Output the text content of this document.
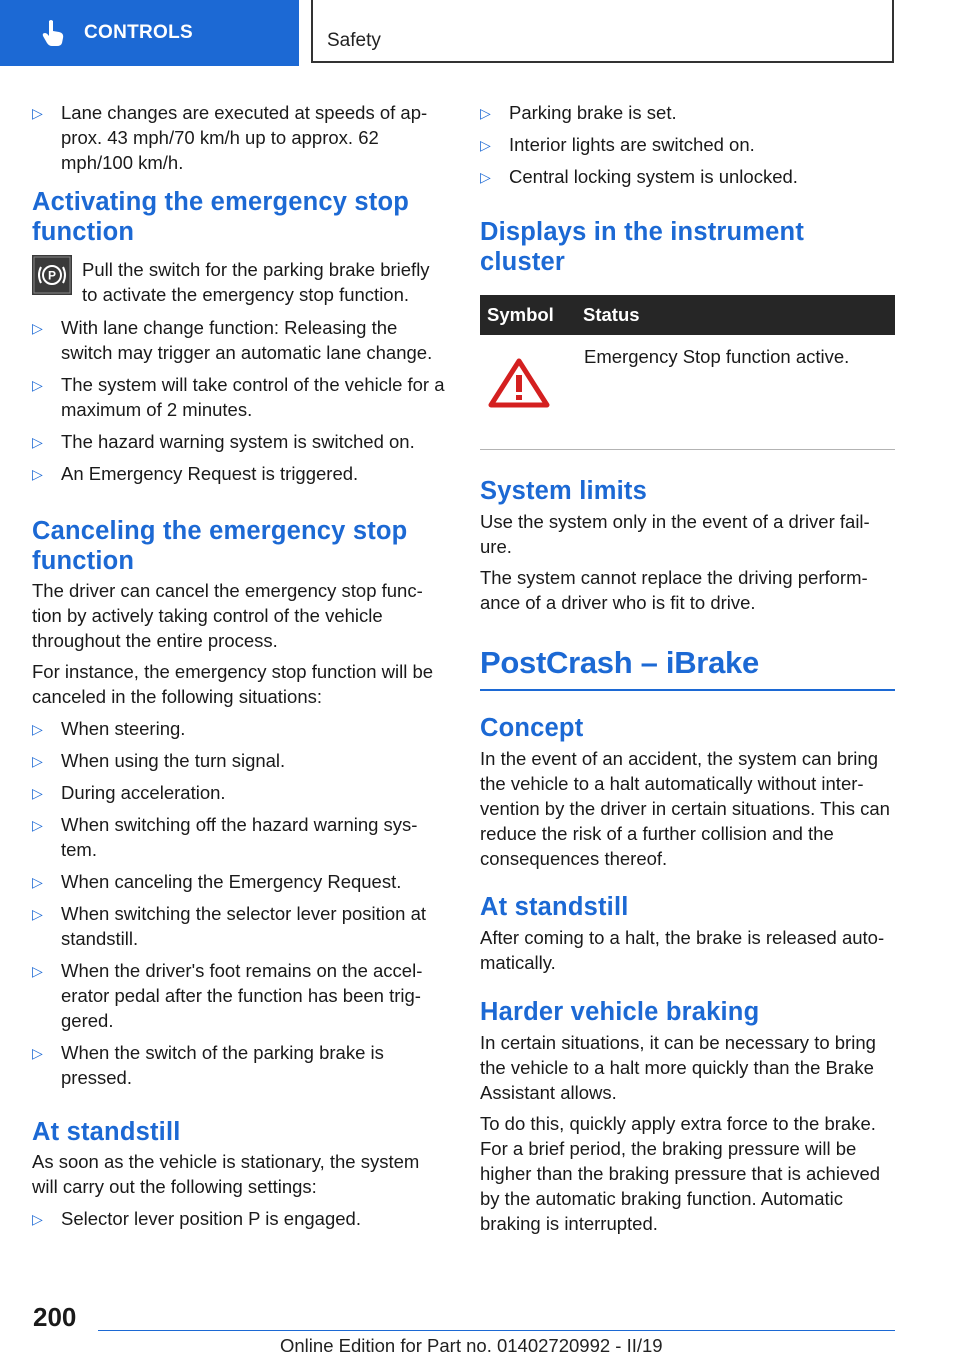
CONTROLS	Safety
▷ Lane changes are executed at speeds of ap‐prox. 43 mph/70 km/h up to approx. 62 mph/100 km/h.
Activating the emergency stop function
P Pull the switch for the parking brake briefly to activate the emergency stop function.
▷ With lane change function: Releasing the switch may trigger an automatic lane change.
▷ The system will take control of the vehicle for a maximum of 2 minutes.
▷ The hazard warning system is switched on.
▷ An Emergency Request is triggered.
Canceling the emergency stop function

The driver can cancel the emergency stop func‐tion by actively taking control of the vehicle throughout the entire process.

For instance, the emergency stop function will be canceled in the following situations:

▷ When steering.
▷ When using the turn signal.
▷ During acceleration.
▷ When switching off the hazard warning sys‐tem.
▷ When canceling the Emergency Request.
▷ When switching the selector lever position at standstill.
▷ When the driver's foot remains on the accel‐erator pedal after the function has been trig‐gered.
▷ When the switch of the parking brake is pressed.
At standstill

As soon as the vehicle is stationary, the system will carry out the following settings:

▷ Selector lever position P is engaged.
▷ Parking brake is set.
▷ Interior lights are switched on.
▷ Central locking system is unlocked.
Displays in the instrument cluster
Symbol	Status
	Emergency Stop function active.
System limits

Use the system only in the event of a driver fail‐ure.

The system cannot replace the driving perform‐ance of a driver who is fit to drive.

PostCrash – iBrake
Concept

In the event of an accident, the system can bring the vehicle to a halt automatically without inter‐vention by the driver in certain situations. This can reduce the risk of a further collision and the consequences thereof.

At standstill

After coming to a halt, the brake is released auto‐matically.

Harder vehicle braking

In certain situations, it can be necessary to bring the vehicle to a halt more quickly than the Brake Assistant allows.

To do this, quickly apply extra force to the brake. For a brief period, the braking pressure will be higher than the braking pressure that is achieved by the automatic braking function. Automatic braking is interrupted.

200
Online Edition for Part no. 01402720992 - II/19
